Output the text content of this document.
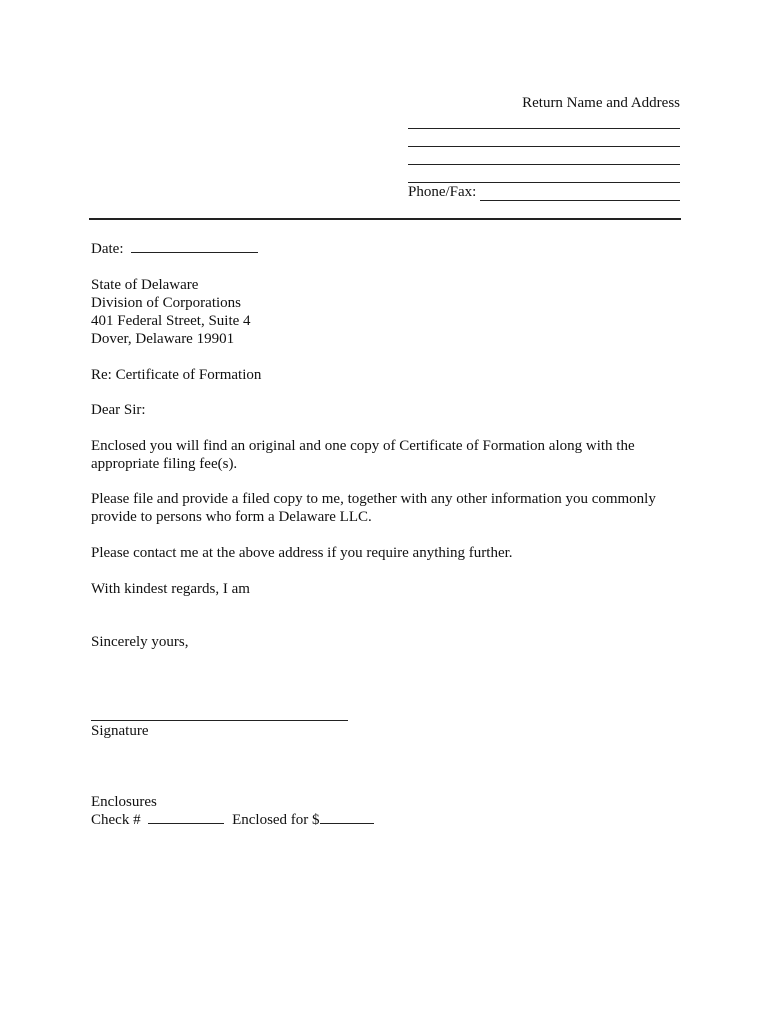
Return Name and Address
Phone/Fax:
Date:
State of Delaware
Division of Corporations
401 Federal Street, Suite 4
Dover, Delaware 19901
Re: Certificate of Formation
Dear Sir:
Enclosed you will find an original and one copy of Certificate of Formation along with the appropriate filing fee(s).
Please file and provide a filed copy to me, together with any other information you commonly provide to persons who form a Delaware LLC.
Please contact me at the above address if you require anything further.
With kindest regards, I am
Sincerely yours,
Signature
Enclosures
Check #	Enclosed for $
